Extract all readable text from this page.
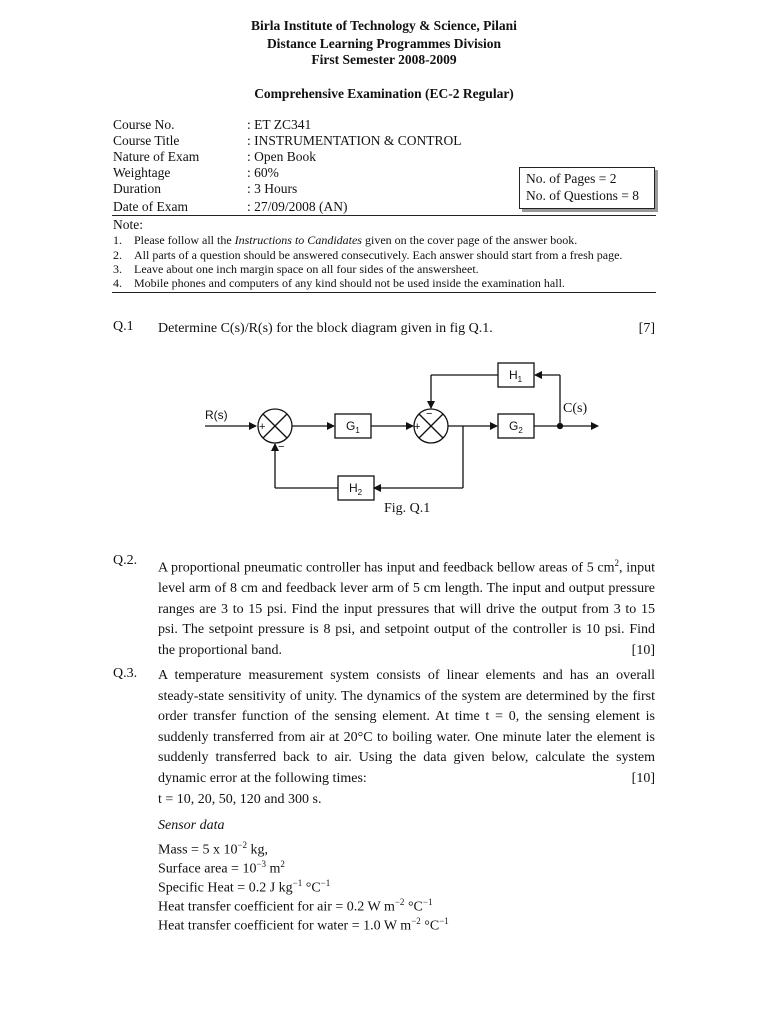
Birla Institute of Technology & Science, Pilani
Distance Learning Programmes Division
First Semester 2008-2009
Comprehensive Examination (EC-2 Regular)
Course No.	: ET ZC341
Course Title	: INSTRUMENTATION & CONTROL
Nature of Exam	: Open Book
Weightage	: 60%
Duration	: 3 Hours
Date of Exam	: 27/09/2008 (AN)
No. of Pages = 2
No. of Questions = 8
Note:
1. Please follow all the Instructions to Candidates given on the cover page of the answer book.
2. All parts of a question should be answered consecutively. Each answer should start from a fresh page.
3. Leave about one inch margin space on all four sides of the answersheet.
4. Mobile phones and computers of any kind should not be used inside the examination hall.
Q.1 Determine C(s)/R(s) for the block diagram given in fig Q.1.	[7]
R(s)	C(s)
+
−
+
−
$G_1$	$G_2$
$H_1$
$H_2$
Fig. Q.1
Q.2.
A proportional pneumatic controller has input and feedback bellow areas of 5 $cm^2$, input level arm of 8 cm and feedback lever arm of 5 cm length. The input and output pressure ranges are 3 to 15 psi. Find the input pressures that will drive the output from 3 to 15 psi. The setpoint pressure is 8 psi, and setpoint output of the controller is 10 psi. Find the proportional band.	[10]
Q.3. A temperature measurement system consists of linear elements and has an overall steady-state sensitivity of unity. The dynamics of the system are determined by the first order transfer function of the sensing element. At time t = 0, the sensing element is suddenly transferred from air at 20°C to boiling water. One minute later the element is suddenly transferred back to air. Using the data given below, calculate the system dynamic error at the following times:	[10]
t = 10, 20, 50, 120 and 300 s.
Sensor data
Mass = 5 x $10^{-2}$ kg,
Surface area = $10^{-3}$ $m^2$
Specific Heat = 0.2 J $kg^{-1}$ $^\circ C^{-1}$
Heat transfer coefficient for air = 0.2 W $m^{-2}$ $^\circ C^{-1}$
Heat transfer coefficient for water = 1.0 W $m^{-2}$ $^\circ C^{-1}$
